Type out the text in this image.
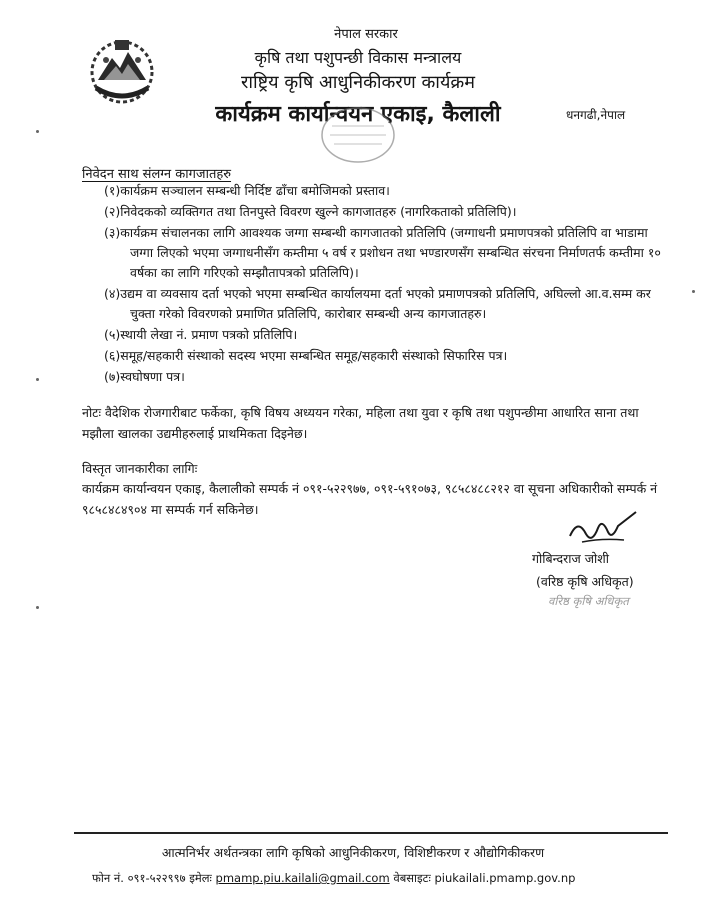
नेपाल सरकार
कृषि तथा पशुपन्छी विकास मन्त्रालय
राष्ट्रिय कृषि आधुनिकीकरण कार्यक्रम
कार्यक्रम कार्यान्वयन एकाइ, कैलाली	धनगढी,नेपाल
निवेदन साथ संलग्न कागजातहरु
(१)कार्यक्रम सञ्चालन सम्बन्धी निर्दिष्ट ढाँचा बमोजिमको प्रस्ताव।
(२)निवेदकको व्यक्तिगत तथा तिनपुस्ते विवरण खुल्ने कागजातहरु (नागरिकताको प्रतिलिपि)।
(३)कार्यक्रम संचालनका लागि आवश्यक जग्गा सम्बन्धी कागजातको प्रतिलिपि (जग्गाधनी प्रमाणपत्रको प्रतिलिपि वा भाडामा जग्गा लिएको भएमा जग्गाधनीसँग कम्तीमा ५ वर्ष र प्रशोधन तथा भण्डारणसँग सम्बन्धित संरचना निर्माणतर्फ कम्तीमा १० वर्षका का लागि गरिएको सम्झौतापत्रको प्रतिलिपि)।
(४)उद्यम वा व्यवसाय दर्ता भएको भएमा सम्बन्धित कार्यालयमा दर्ता भएको प्रमाणपत्रको प्रतिलिपि, अघिल्लो आ.व.सम्म कर चुक्ता गरेको विवरणको प्रमाणित प्रतिलिपि, कारोबार सम्बन्धी अन्य कागजातहरु।
(५)स्थायी लेखा नं. प्रमाण पत्रको प्रतिलिपि।
(६)समूह/सहकारी संस्थाको सदस्य भएमा सम्बन्धित समूह/सहकारी संस्थाको सिफारिस पत्र।
(७)स्वघोषणा पत्र।
नोटः वैदेशिक रोजगारीबाट फर्केका, कृषि विषय अध्ययन गरेका, महिला तथा युवा र कृषि तथा पशुपन्छीमा आधारित साना तथा मझौला खालका उद्यमीहरुलाई प्राथमिकता दिइनेछ।
विस्तृत जानकारीका लागिः
कार्यक्रम कार्यान्वयन एकाइ, कैलालीको सम्पर्क नं ०९१-५२२९७७, ०९१-५९१०७३, ९८५८४८८२१२ वा सूचना अधिकारीको सम्पर्क नं ९८५८४८४९०४ मा सम्पर्क गर्न सकिनेछ।
गोबिन्दराज जोशी
(वरिष्ठ कृषि अधिकृत)
वरिष्ठ कृषि अधिकृत
आत्मनिर्भर अर्थतन्त्रका लागि कृषिको आधुनिकीकरण, विशिष्टीकरण र औद्योगिकीकरण
फोन नं. ०९१-५२२९९७ इमेलः pmamp.piu.kailali@gmail.com वेबसाइटः piukailali.pmamp.gov.np
